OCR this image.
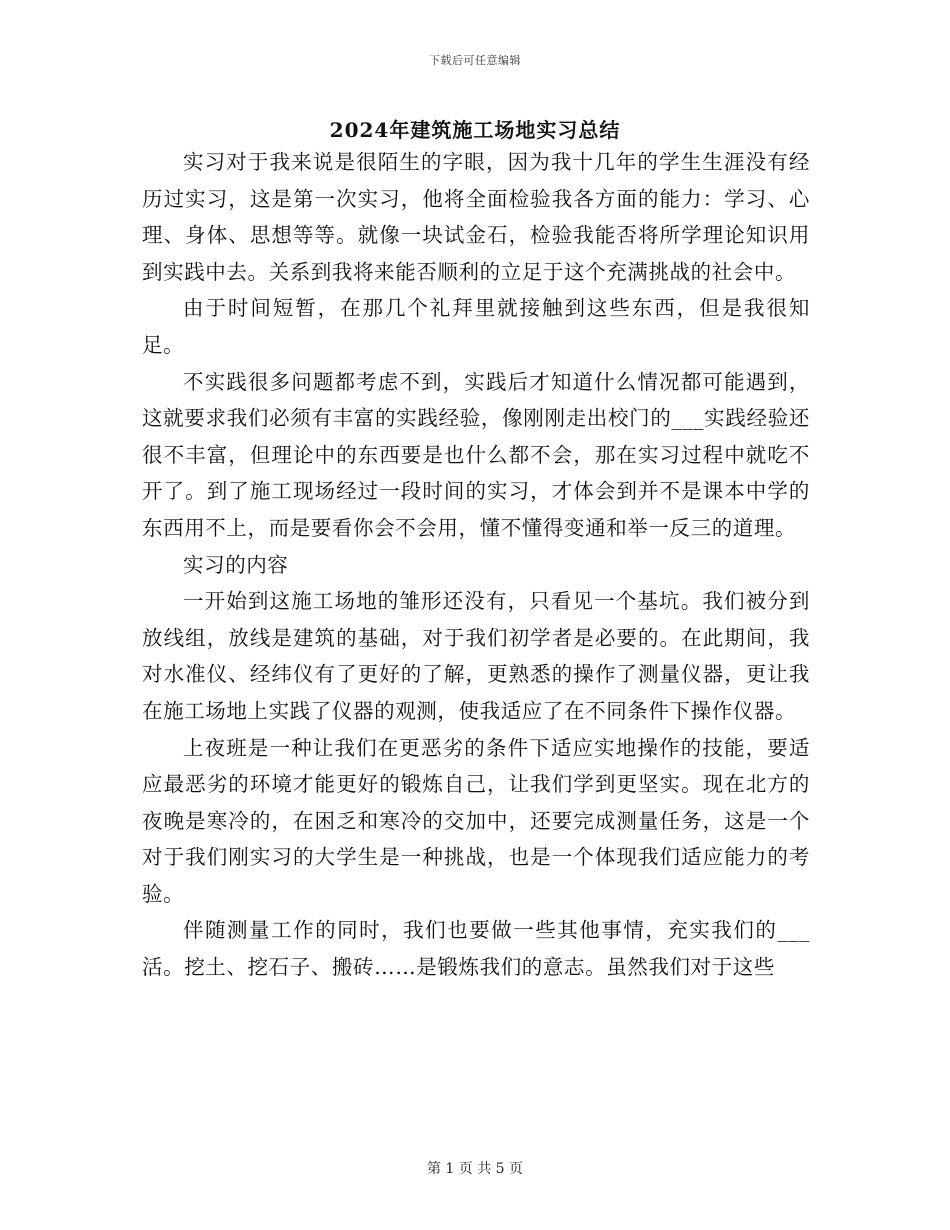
下载后可任意编辑
2024年建筑施工场地实习总结

实习对于我来说是很陌生的字眼，因为我十几年的学生生涯没有经历过实习，这是第一次实习，他将全面检验我各方面的能力：学习、心理、身体、思想等等。就像一块试金石，检验我能否将所学理论知识用到实践中去。关系到我将来能否顺利的立足于这个充满挑战的社会中。

由于时间短暂，在那几个礼拜里就接触到这些东西，但是我很知足。

不实践很多问题都考虑不到，实践后才知道什么情况都可能遇到，这就要求我们必须有丰富的实践经验，像刚刚走出校门的___实践经验还很不丰富，但理论中的东西要是也什么都不会，那在实习过程中就吃不开了。到了施工现场经过一段时间的实习，才体会到并不是课本中学的东西用不上，而是要看你会不会用，懂不懂得变通和举一反三的道理。

实习的内容

一开始到这施工场地的雏形还没有，只看见一个基坑。我们被分到放线组，放线是建筑的基础，对于我们初学者是必要的。在此期间，我对水准仪、经纬仪有了更好的了解，更熟悉的操作了测量仪器，更让我在施工场地上实践了仪器的观测，使我适应了在不同条件下操作仪器。

上夜班是一种让我们在更恶劣的条件下适应实地操作的技能，要适应最恶劣的环境才能更好的锻炼自己，让我们学到更坚实。现在北方的夜晚是寒冷的，在困乏和寒冷的交加中，还要完成测量任务，这是一个对于我们刚实习的大学生是一种挑战，也是一个体现我们适应能力的考验。

伴随测量工作的同时，我们也要做一些其他事情，充实我们的___活。挖土、挖石子、搬砖……是锻炼我们的意志。虽然我们对于这些

第 1 页 共 5 页
